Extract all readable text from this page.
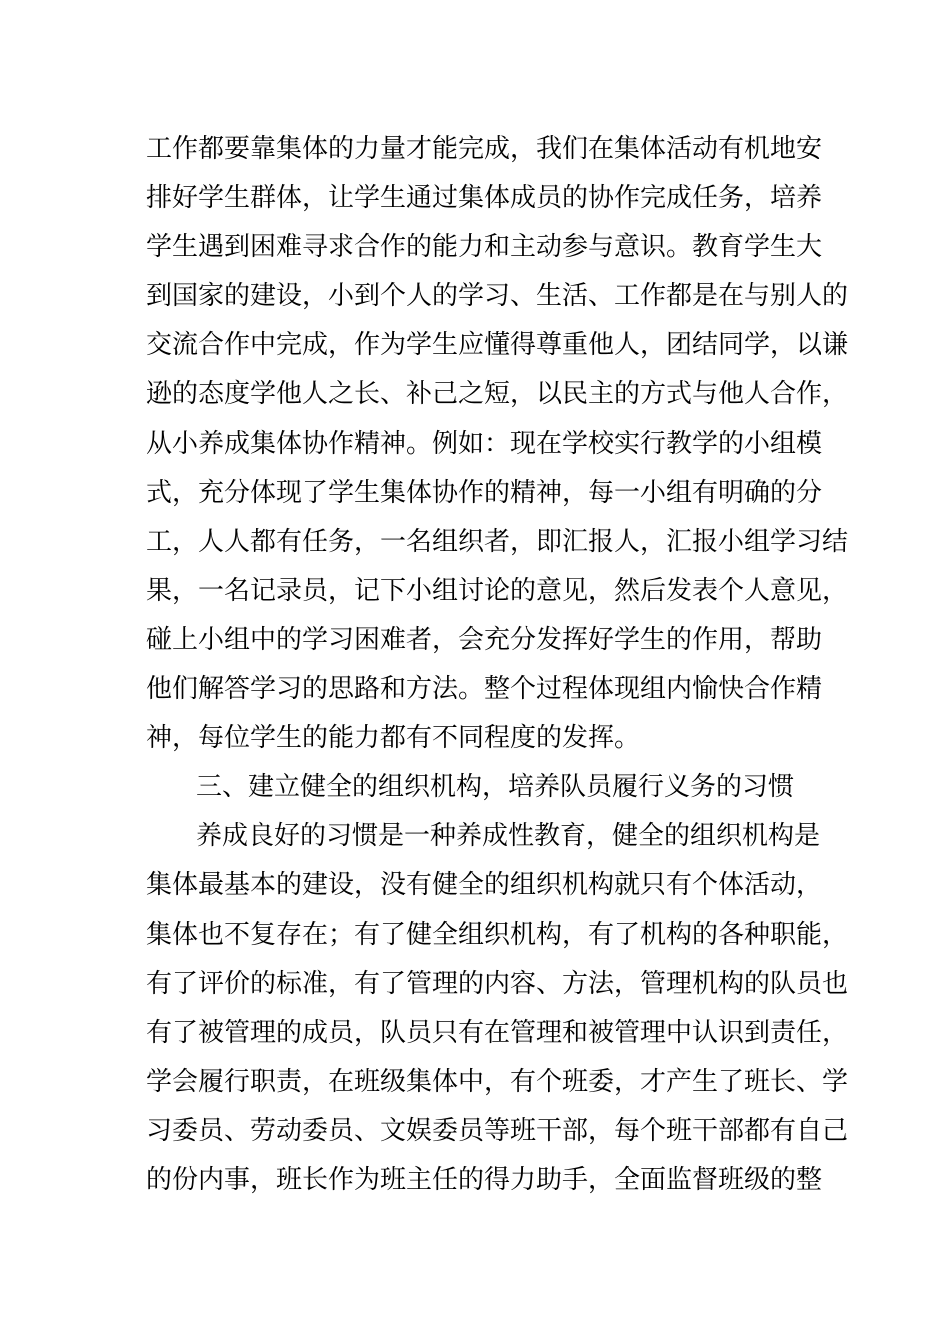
工作都要靠集体的力量才能完成，我们在集体活动有机地安
排好学生群体，让学生通过集体成员的协作完成任务，培养
学生遇到困难寻求合作的能力和主动参与意识。教育学生大
到国家的建设，小到个人的学习、生活、工作都是在与别人的
交流合作中完成，作为学生应懂得尊重他人，团结同学，以谦
逊的态度学他人之长、补己之短，以民主的方式与他人合作，
从小养成集体协作精神。例如：现在学校实行教学的小组模
式，充分体现了学生集体协作的精神，每一小组有明确的分
工，人人都有任务，一名组织者，即汇报人，汇报小组学习结
果，一名记录员，记下小组讨论的意见，然后发表个人意见，
碰上小组中的学习困难者，会充分发挥好学生的作用，帮助
他们解答学习的思路和方法。整个过程体现组内愉快合作精
神，每位学生的能力都有不同程度的发挥。
三、建立健全的组织机构，培养队员履行义务的习惯
养成良好的习惯是一种养成性教育，健全的组织机构是
集体最基本的建设，没有健全的组织机构就只有个体活动，
集体也不复存在；有了健全组织机构，有了机构的各种职能，
有了评价的标准，有了管理的内容、方法，管理机构的队员也
有了被管理的成员，队员只有在管理和被管理中认识到责任，
学会履行职责，在班级集体中，有个班委，才产生了班长、学
习委员、劳动委员、文娱委员等班干部，每个班干部都有自己
的份内事，班长作为班主任的得力助手，全面监督班级的整
